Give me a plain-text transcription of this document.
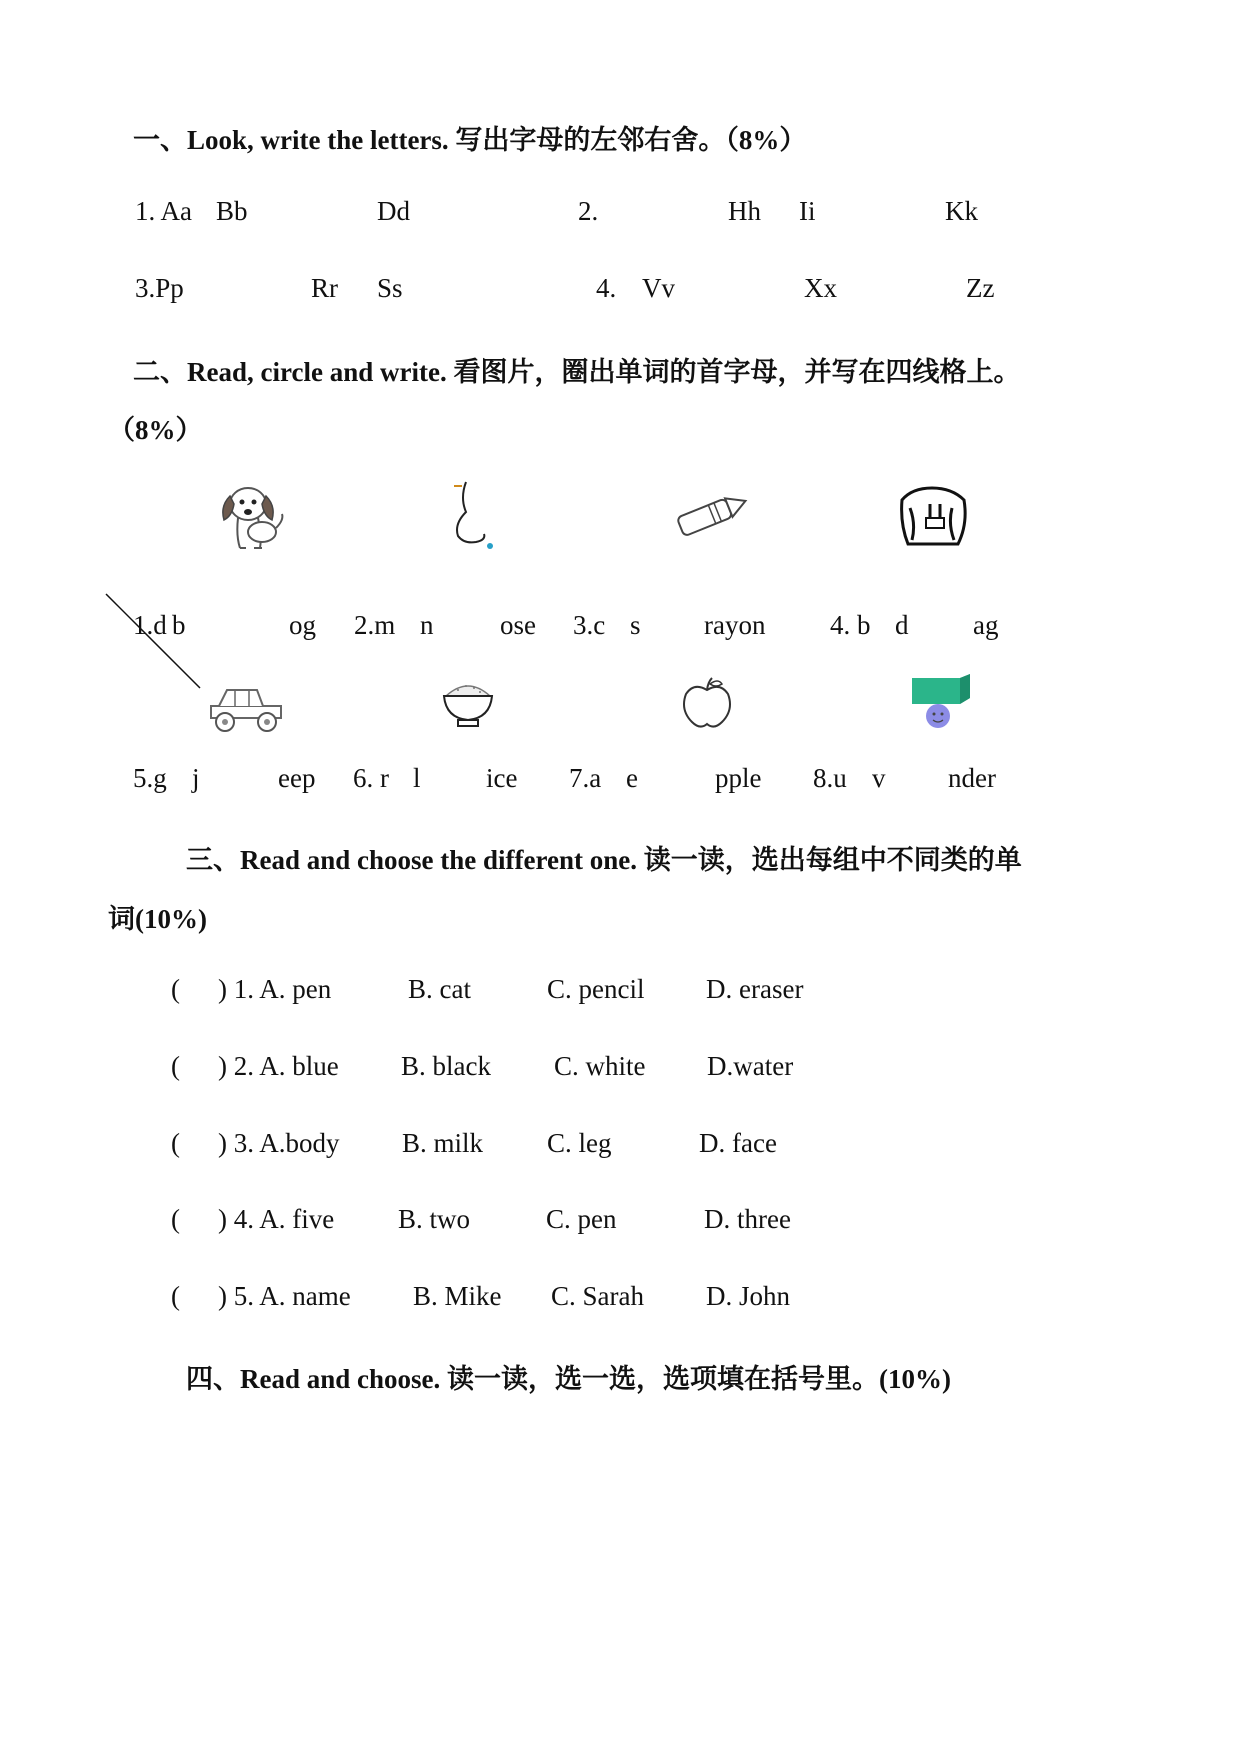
一、Look, write the letters. 写出字母的左邻右舍。（8%）
1. Aa Bb	Dd	2.	Hh Ii	Kk
3.Pp	Rr Ss	4. Vv	Xx	Zz
二、Read, circle and write. 看图片，圈出单词的首字母，并写在四线格上。
（8%）
1.d b	og 2.m n ose 3.c s rayon 4. b d ag
5.g j	eep 6. r l ice 7.a e	pple 8.u v nder
三、Read and choose the different one. 读一读，选出每组中不同类的单
词(10%)
( ) 1. A. pen	B. cat	C. pencil D. eraser
( ) 2. A. blue B. black C. white D.water
( ) 3. A.body B. milk C. leg	D. face
( ) 4. A. five B. two	C. pen	D. three
( ) 5. A. name B. Mike C. Sarah D. John
四、Read and choose. 读一读，选一选，选项填在括号里。(10%)
